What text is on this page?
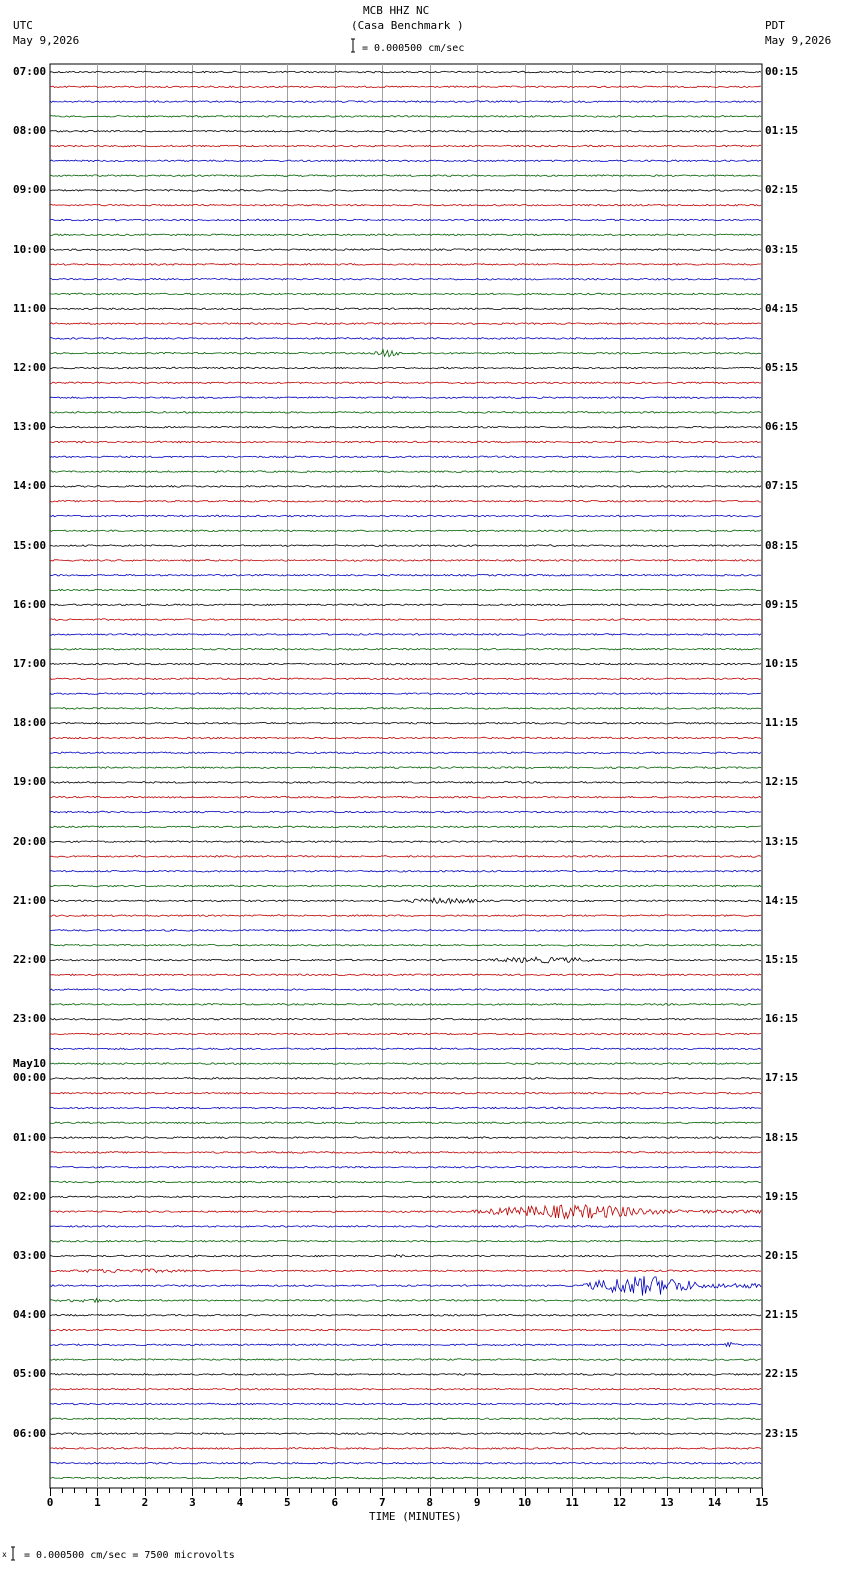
MCB HHZ NC
(Casa Benchmark )
= 0.000500 cm/sec
UTC
May 9,2026
PDT
May 9,2026
TIME (MINUTES)
x = 0.000500 cm/sec = 7500 microvolts
0	1	2	3	4	5	6	7	8	9	10	11	12	13	14	15
07:00
08:00
09:00
10:00
11:00
12:00
13:00
14:00
15:00
16:00
17:00
18:00
19:00
20:00
21:00
22:00
23:00
00:00
May10
01:00
02:00
03:00
04:00
05:00
06:00
00:15
01:15
02:15
03:15
04:15
05:15
06:15
07:15
08:15
09:15
10:15
11:15
12:15
13:15
14:15
15:15
16:15
17:15
18:15
19:15
20:15
21:15
22:15
23:15
